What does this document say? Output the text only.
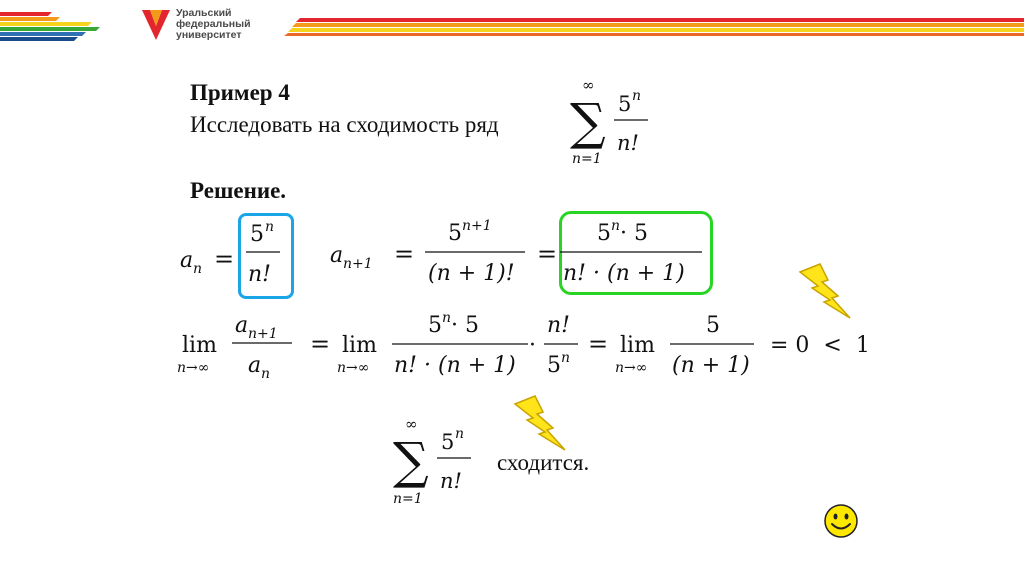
Уральский
федеральный
университет
Пример 4
Исследовать на сходимость ряд
Решение.
сходится.
∞
∑
n=1
5 n
n!
a n =
5 n
n!
a n+1 =
5 n+1
(n + 1)!
=
5 n · 5
n! · (n + 1)
lim
n→∞
a n+1
a n
= lim
n→∞
5 n · 5
n! · (n + 1)
·
n!
5 n = lim
n→∞
5
(n + 1)
= 0  <  1
∞
∑
n=1
5 n
n!
